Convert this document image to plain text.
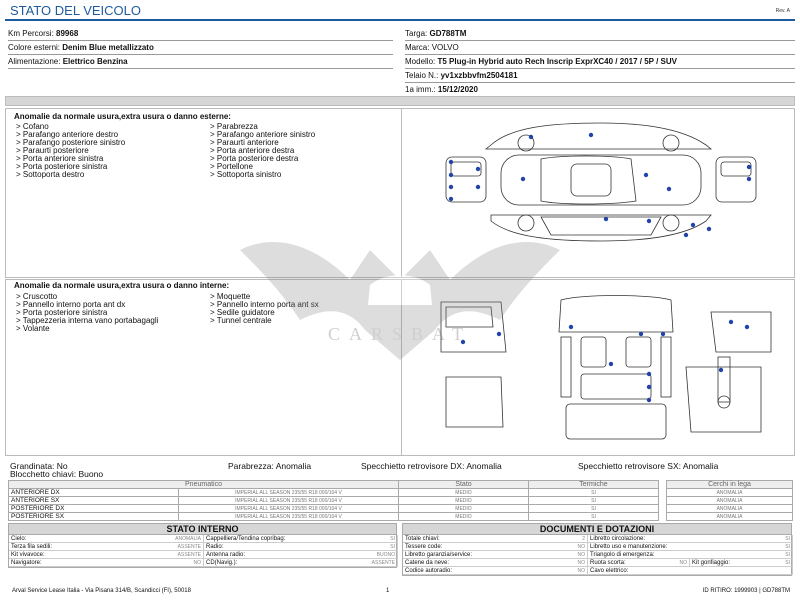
STATO DEL VEICOLO	Rev. A
Km Percorsi: 89968
Colore esterni: Denim Blue metallizzato
Alimentazione: Elettrico Benzina
Targa: GD788TM
Marca: VOLVO
Modello: T5 Plug-in Hybrid auto Rech Inscrip ExprXC40 / 2017 / 5P / SUV
Telaio N.: yv1xzbbvfm2504181
1a imm.: 15/12/2020
Anomalie da normale usura,extra usura o danno esterne:
> Cofano
> Parafango anteriore destro
> Parafango posteriore sinistro
> Paraurti posteriore
> Porta anteriore sinistra
> Porta posteriore sinistra
> Sottoporta destro
> Parabrezza
> Parafango anteriore sinistro
> Paraurti anteriore
> Porta anteriore destra
> Porta posteriore destra
> Portellone
> Sottoporta sinistro
Anomalie da normale usura,extra usura o danno interne:
> Cruscotto
> Pannello interno porta ant dx
> Porta posteriore sinistra
> Tappezzeria interna vano portabagagli
> Volante
> Moquette
> Pannello interno porta ant sx
> Sedile guidatore
> Tunnel centrale
CARSBAT
Grandinata: No
Blocchetto chiavi: Buono
Parabrezza: Anomalia	Specchietto retrovisore DX: Anomalia	Specchietto retrovisore SX: Anomalia
Pneumatico		Stato	Termiche
ANTERIORE DX	IMPERIAL ALL SEASON 235/55 R18 000/104 V	MEDIO	SI
ANTERIORE SX	IMPERIAL ALL SEASON 235/55 R18 000/104 V	MEDIO	SI
POSTERIORE DX	IMPERIAL ALL SEASON 235/55 R18 000/104 V	MEDIO	SI
POSTERIORE SX	IMPERIAL ALL SEASON 235/55 R18 000/104 V	MEDIO	SI
Cerchi in lega
ANOMALIA
ANOMALIA
ANOMALIA
ANOMALIA
STATO INTERNO
Cielo:	ANOMALIA Cappelliera/Tendina copribag:	SI
Terza fila sedili:	ASSENTE Radio:	SI
Kit vivavoce:	ASSENTE Antenna radio:	BUONO
Navigatore:	NO CD(Navig.):	ASSENTE
DOCUMENTI E DOTAZIONI
Totale chiavi:	2 Libretto circolazione:	SI
Tessere code:	NO Libretto uso e manutenzione:	SI
Libretto garanzia/service:	NO Triangolo di emergenza:	SI
Catene da neve:	NO Ruota scorta:	NO Kit gonfiaggio:	SI
Codice autoradio:	NO Cavo elettrico:
Arval Service Lease Italia - Via Pisana 314/B, Scandicci (FI), 50018	1	ID RITIRO: 1999903 | GD788TM
